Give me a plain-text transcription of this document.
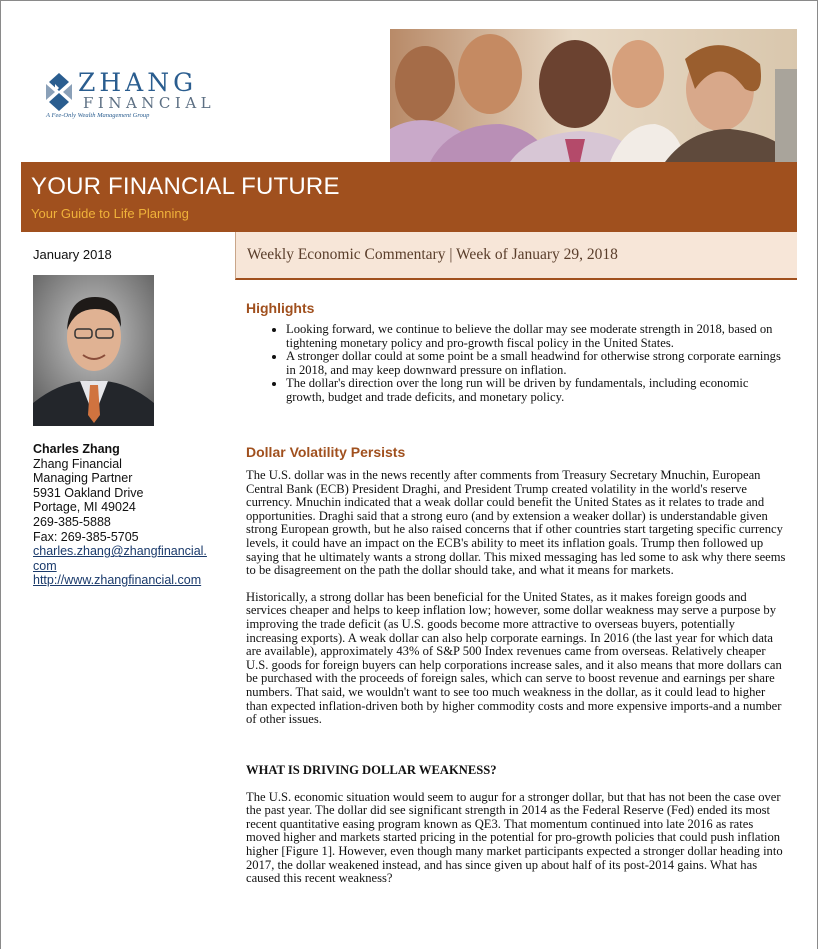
ZHANG
FINANCIAL
A Fee-Only Wealth Management Group
YOUR FINANCIAL FUTURE
Your Guide to Life Planning
January 2018
Charles Zhang
Zhang Financial
Managing Partner
5931 Oakland Drive
Portage, MI 49024
269-385-5888
Fax: 269-385-5705
charles.zhang@zhangfinancial.com
http://www.zhangfinancial.com
Weekly Economic Commentary | Week of January 29, 2018
Highlights
• Looking forward, we continue to believe the dollar may see moderate strength in 2018, based on tightening monetary policy and pro-growth fiscal policy in the United States.
• A stronger dollar could at some point be a small headwind for otherwise strong corporate earnings in 2018, and may keep downward pressure on inflation.
• The dollar's direction over the long run will be driven by fundamentals, including economic growth, budget and trade deficits, and monetary policy.
Dollar Volatility Persists

The U.S. dollar was in the news recently after comments from Treasury Secretary Mnuchin, European Central Bank (ECB) President Draghi, and President Trump created volatility in the world's reserve currency. Mnuchin indicated that a weak dollar could benefit the United States as it relates to trade and opportunities. Draghi said that a strong euro (and by extension a weaker dollar) is understandable given strong European growth, but he also raised concerns that if other countries start targeting specific currency levels, it could have an impact on the ECB's ability to meet its inflation goals. Trump then followed up saying that he ultimately wants a strong dollar. This mixed messaging has led some to ask why there seems to be disagreement on the path the dollar should take, and what it means for markets.

Historically, a strong dollar has been beneficial for the United States, as it makes foreign goods and services cheaper and helps to keep inflation low; however, some dollar weakness may serve a purpose by improving the trade deficit (as U.S. goods become more attractive to overseas buyers, potentially increasing exports). A weak dollar can also help corporate earnings. In 2016 (the last year for which data are available), approximately 43% of S&P 500 Index revenues came from overseas. Relatively cheaper U.S. goods for foreign buyers can help corporations increase sales, and it also means that more dollars can be purchased with the proceeds of foreign sales, which can serve to boost revenue and earnings per share numbers. That said, we wouldn't want to see too much weakness in the dollar, as it could lead to higher than expected inflation-driven both by higher commodity costs and more expensive imports-and a number of other issues.

WHAT IS DRIVING DOLLAR WEAKNESS?

The U.S. economic situation would seem to augur for a stronger dollar, but that has not been the case over the past year. The dollar did see significant strength in 2014 as the Federal Reserve (Fed) ended its most recent quantitative easing program known as QE3. That momentum continued into late 2016 as rates moved higher and markets started pricing in the potential for pro-growth policies that could push inflation higher [Figure 1]. However, even though many market participants expected a stronger dollar heading into 2017, the dollar weakened instead, and has since given up about half of its post-2014 gains. What has caused this recent weakness?
